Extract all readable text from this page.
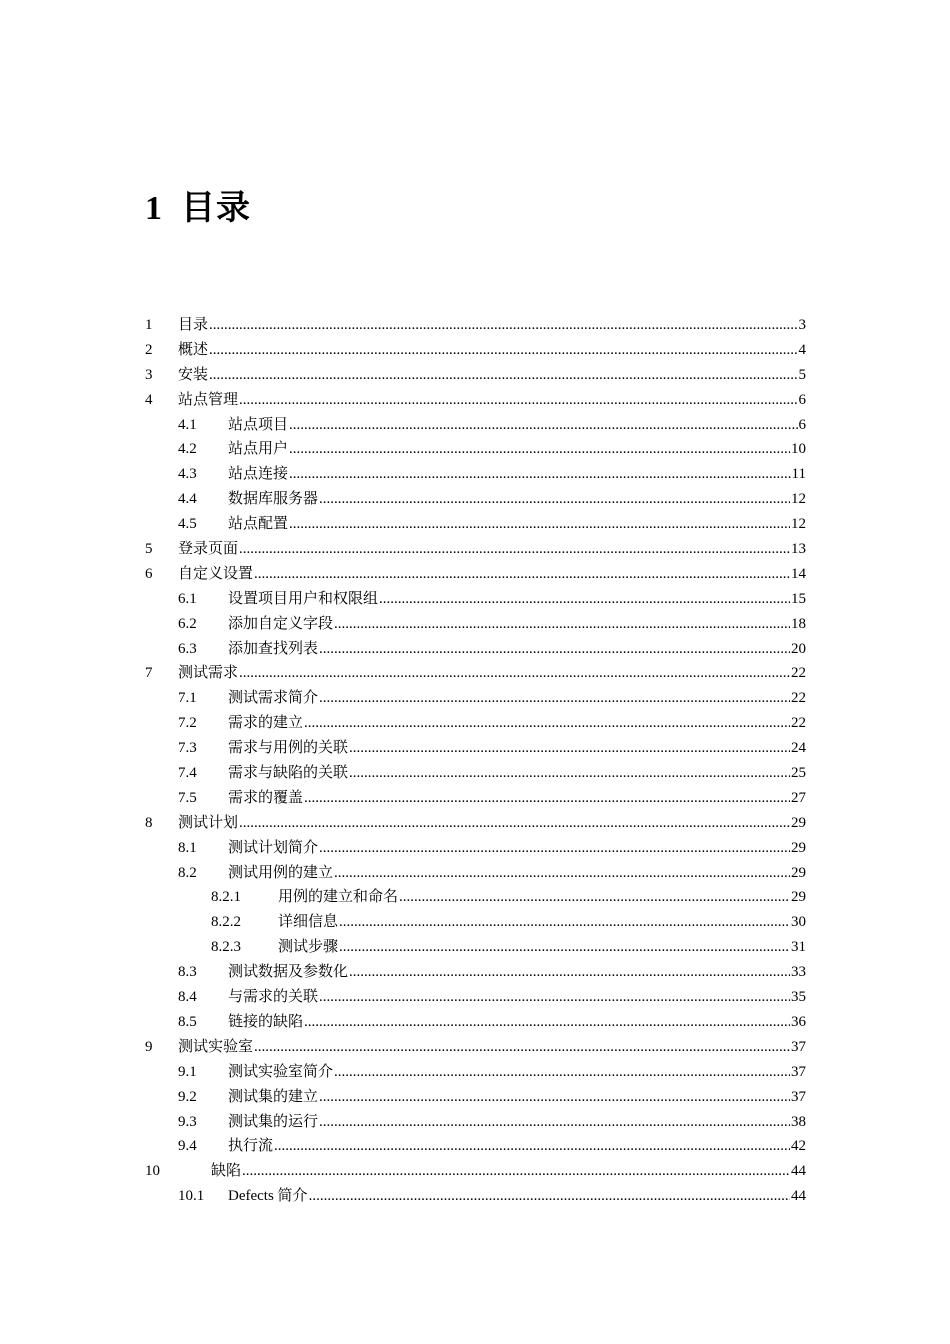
1 目录
1	目录 .....	3
2	概述 .....	4
3	安装 .....	5
4	站点管理 .....	6
4.1	站点项目 .....	6
4.2	站点用户 .....	10
4.3	站点连接 .....	11
4.4	数据库服务器 .....	12
4.5	站点配置 .....	12
5	登录页面 .....	13
6	自定义设置 .....	14
6.1	设置项目用户和权限组 .....	15
6.2	添加自定义字段 .....	18
6.3	添加查找列表 .....	20
7	测试需求 .....	22
7.1	测试需求简介 .....	22
7.2	需求的建立 .....	22
7.3	需求与用例的关联 .....	24
7.4	需求与缺陷的关联 .....	25
7.5	需求的覆盖 .....	27
8	测试计划 .....	29
8.1	测试计划简介 .....	29
8.2	测试用例的建立 .....	29
8.2.1	用例的建立和命名 .....	29
8.2.2	详细信息 .....	30
8.2.3	测试步骤 .....	31
8.3	测试数据及参数化 .....	33
8.4	与需求的关联 .....	35
8.5	链接的缺陷 .....	36
9	测试实验室 .....	37
9.1	测试实验室简介 .....	37
9.2	测试集的建立 .....	37
9.3	测试集的运行 .....	38
9.4	执行流 .....	42
10	缺陷 .....	44
10.1	Defects 简介 .....	44
